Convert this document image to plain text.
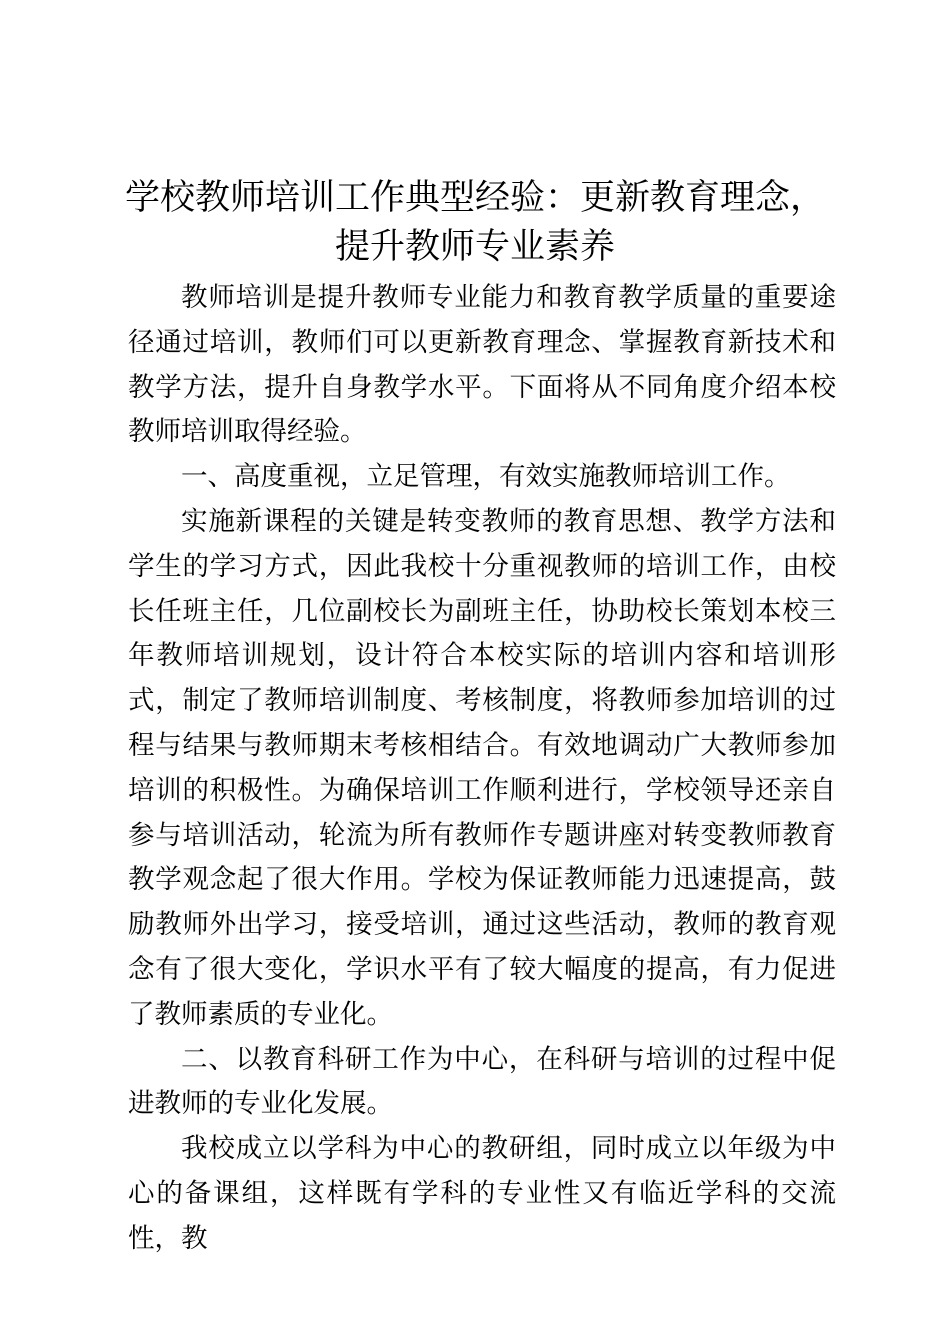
学校教师培训工作典型经验：更新教育理念，
提升教师专业素养

教师培训是提升教师专业能力和教育教学质量的重要途径通过培训，教师们可以更新教育理念、掌握教育新技术和教学方法，提升自身教学水平。下面将从不同角度介绍本校教师培训取得经验。

一、高度重视，立足管理，有效实施教师培训工作。

实施新课程的关键是转变教师的教育思想、教学方法和学生的学习方式，因此我校十分重视教师的培训工作，由校长任班主任，几位副校长为副班主任，协助校长策划本校三年教师培训规划，设计符合本校实际的培训内容和培训形式，制定了教师培训制度、考核制度，将教师参加培训的过程与结果与教师期末考核相结合。有效地调动广大教师参加培训的积极性。为确保培训工作顺利进行，学校领导还亲自参与培训活动，轮流为所有教师作专题讲座对转变教师教育教学观念起了很大作用。学校为保证教师能力迅速提高，鼓励教师外出学习，接受培训，通过这些活动，教师的教育观念有了很大变化，学识水平有了较大幅度的提高，有力促进了教师素质的专业化。

二、以教育科研工作为中心，在科研与培训的过程中促进教师的专业化发展。

我校成立以学科为中心的教研组，同时成立以年级为中心的备课组，这样既有学科的专业性又有临近学科的交流性，教
